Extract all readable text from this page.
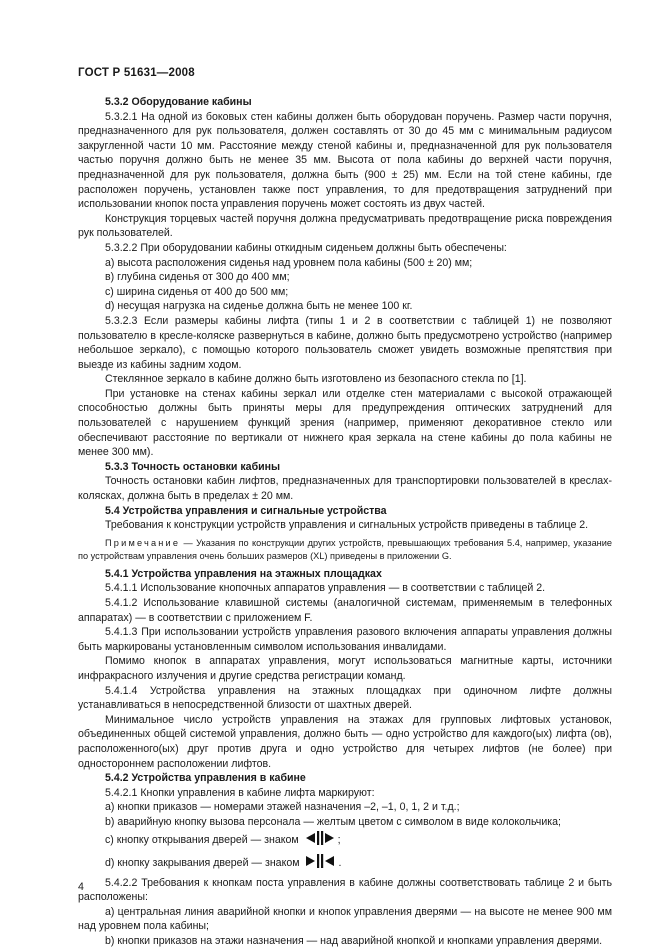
ГОСТ Р 51631—2008

5.3.2 Оборудование кабины

5.3.2.1 На одной из боковых стен кабины должен быть оборудован поручень. Размер части поручня, предназначенного для рук пользователя, должен составлять от 30 до 45 мм с минимальным радиусом закругленной части 10 мм. Расстояние между стеной кабины и, предназначенной для рук пользователя частью поручня должно быть не менее 35 мм. Высота от пола кабины до верхней части поручня, предназначенной для рук пользователя, должна быть (900 ± 25) мм. Если на той стене кабины, где расположен поручень, установлен также пост управления, то для предотвращения затруднений при использовании кнопок поста управления поручень может состоять из двух частей.

Конструкция торцевых частей поручня должна предусматривать предотвращение риска повреждения рук пользователей.

5.3.2.2 При оборудовании кабины откидным сиденьем должны быть обеспечены:

a) высота расположения сиденья над уровнем пола кабины (500 ± 20) мм;

в) глубина сиденья от 300 до 400 мм;

c) ширина сиденья от 400 до 500 мм;

d) несущая нагрузка на сиденье должна быть не менее 100 кг.

5.3.2.3 Если размеры кабины лифта (типы 1 и 2 в соответствии с таблицей 1) не позволяют пользователю в кресле-коляске развернуться в кабине, должно быть предусмотрено устройство (например небольшое зеркало), с помощью которого пользователь сможет увидеть возможные препятствия при выезде из кабины задним ходом.

Стеклянное зеркало в кабине должно быть изготовлено из безопасного стекла по [1].

При установке на стенах кабины зеркал или отделке стен материалами с высокой отражающей способностью должны быть приняты меры для предупреждения оптических затруднений для пользователей с нарушением функций зрения (например, применяют декоративное стекло или обеспечивают расстояние по вертикали от нижнего края зеркала на стене кабины до пола кабины не менее 300 мм).

5.3.3 Точность остановки кабины

Точность остановки кабин лифтов, предназначенных для транспортировки пользователей в креслах-колясках, должна быть в пределах ± 20 мм.

5.4 Устройства управления и сигнальные устройства

Требования к конструкции устройств управления и сигнальных устройств приведены в таблице 2.

Примечание — Указания по конструкции других устройств, превышающих требования 5.4, например, указание по устройствам управления очень больших размеров (XL) приведены в приложении G.

5.4.1 Устройства управления на этажных площадках

5.4.1.1 Использование кнопочных аппаратов управления — в соответствии с таблицей 2.

5.4.1.2 Использование клавишной системы (аналогичной системам, применяемым в телефонных аппаратах) — в соответствии с приложением F.

5.4.1.3 При использовании устройств управления разового включения аппараты управления должны быть маркированы установленным символом использования инвалидами.

Помимо кнопок в аппаратах управления, могут использоваться магнитные карты, источники инфракрасного излучения и другие средства регистрации команд.

5.4.1.4 Устройства управления на этажных площадках при одиночном лифте должны устанавливаться в непосредственной близости от шахтных дверей.

Минимальное число устройств управления на этажах для групповых лифтовых установок, объединенных общей системой управления, должно быть — одно устройство для каждого(ых) лифта (ов), расположенного(ых) друг против друга и одно устройство для четырех лифтов (не более) при одностороннем расположении лифтов.

5.4.2 Устройства управления в кабине

5.4.2.1 Кнопки управления в кабине лифта маркируют:

a) кнопки приказов — номерами этажей назначения –2, –1, 0, 1, 2 и т.д.;

b) аварийную кнопку вызова персонала — желтым цветом с символом в виде колокольчика;

c) кнопку открывания дверей — знаком	;

d) кнопку закрывания дверей — знаком	.

5.4.2.2 Требования к кнопкам поста управления в кабине должны соответствовать таблице 2 и быть расположены:

a) центральная линия аварийной кнопки и кнопок управления дверями — на высоте не менее 900 мм над уровнем пола кабины;

b) кнопки приказов на этажи назначения — над аварийной кнопкой и кнопками управления дверями.

4
